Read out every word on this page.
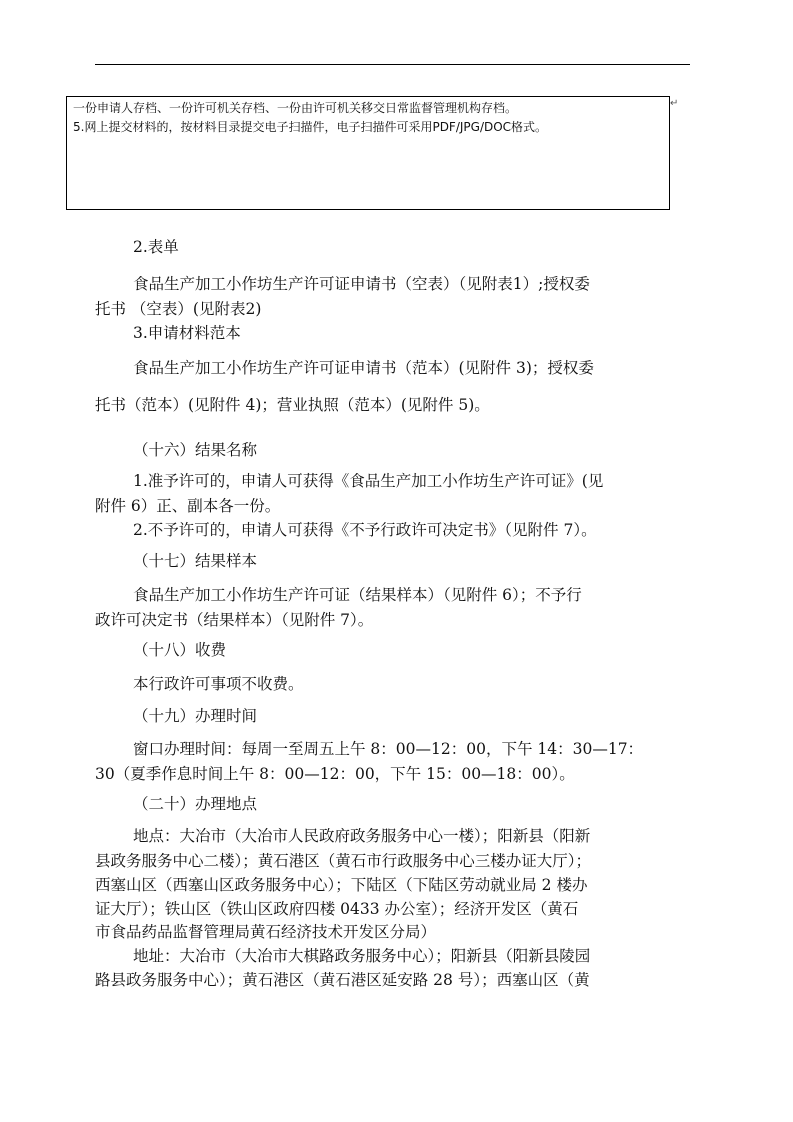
一份申请人存档、一份许可机关存档、一份由许可机关移交日常监督管理机构存档。
5.网上提交材料的，按材料目录提交电子扫描件，电子扫描件可采用PDF/JPG/DOC格式。
↵
2.表单
食品生产加工小作坊生产许可证申请书（空表）（见附表1）;授权委
托书 （空表）(见附表2)
3.申请材料范本
食品生产加工小作坊生产许可证申请书（范本）(见附件 3)；授权委
托书（范本）(见附件 4)；营业执照（范本）(见附件 5)。
（十六）结果名称
1.准予许可的，申请人可获得《食品生产加工小作坊生产许可证》(见
附件 6）正、副本各一份。
2.不予许可的，申请人可获得《不予行政许可决定书》（见附件 7）。
（十七）结果样本
食品生产加工小作坊生产许可证（结果样本）（见附件 6）；不予行
政许可决定书（结果样本）（见附件 7）。
（十八）收费
本行政许可事项不收费。
（十九）办理时间
窗口办理时间：每周一至周五上午 8：00—12：00，下午 14：30—17：
30（夏季作息时间上午 8：00—12：00，下午 15：00—18：00）。
（二十）办理地点
地点：大冶市（大冶市人民政府政务服务中心一楼）；阳新县（阳新
县政务服务中心二楼）；黄石港区（黄石市行政服务中心三楼办证大厅）；
西塞山区（西塞山区政务服务中心）；下陆区（下陆区劳动就业局 2 楼办
证大厅）；铁山区（铁山区政府四楼 0433 办公室）；经济开发区（黄石
市食品药品监督管理局黄石经济技术开发区分局）
地址：大冶市（大冶市大棋路政务服务中心）；阳新县（阳新县陵园
路县政务服务中心）；黄石港区（黄石港区延安路 28 号）；西塞山区（黄
